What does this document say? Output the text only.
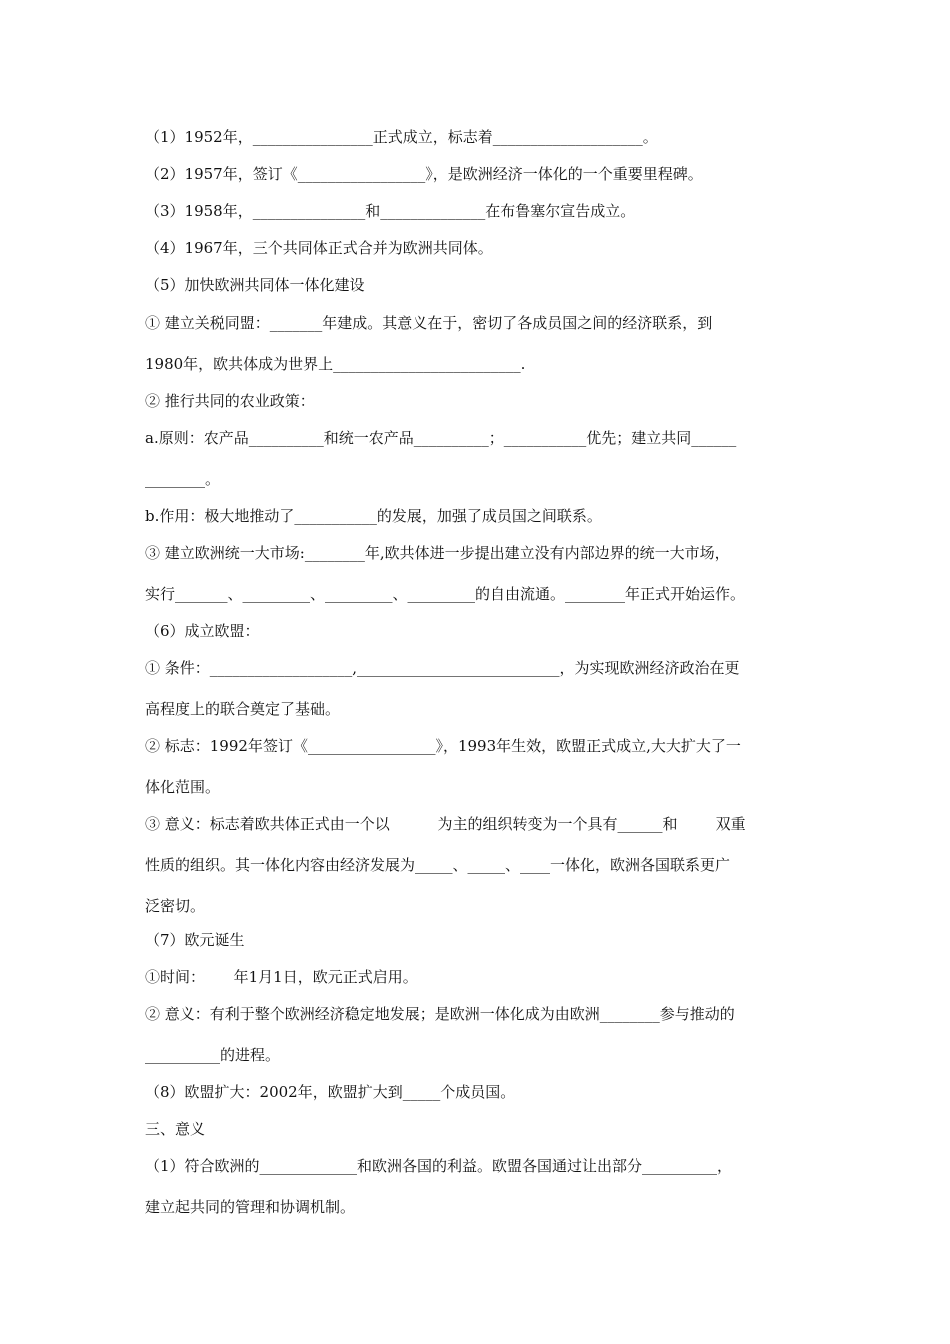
（1）1952年，________________正式成立，标志着____________________。
（2）1957年，签订《_________________》，是欧洲经济一体化的一个重要里程碑。
（3）1958年，_______________和______________在布鲁塞尔宣告成立。
（4）1967年，三个共同体正式合并为欧洲共同体。
（5）加快欧洲共同体一体化建设
① 建立关税同盟：_______年建成。其意义在于，密切了各成员国之间的经济联系，到
1980年，欧共体成为世界上_________________________.
② 推行共同的农业政策：
a.原则：农产品__________和统一农产品__________；___________优先；建立共同______
________。
b.作用：极大地推动了___________的发展，加强了成员国之间联系。
③ 建立欧洲统一大市场:________年,欧共体进一步提出建立没有内部边界的统一大市场，
实行_______、_________、_________、_________的自由流通。________年正式开始运作。
（6）成立欧盟：
① 条件：___________________,___________________________，为实现欧洲经济政治在更
高程度上的联合奠定了基础。
② 标志：1992年签订《_________________》，1993年生效，欧盟正式成立,大大扩大了一
体化范围。
③ 意义：标志着欧共体正式由一个以          为主的组织转变为一个具有______和        双重
性质的组织。其一体化内容由经济发展为_____、_____、____一体化，欧洲各国联系更广
泛密切。
（7）欧元诞生
①时间：      年1月1日，欧元正式启用。
② 意义：有利于整个欧洲经济稳定地发展；是欧洲一体化成为由欧洲________参与推动的
__________的进程。
（8）欧盟扩大：2002年，欧盟扩大到_____个成员国。
三、意义
（1）符合欧洲的_____________和欧洲各国的利益。欧盟各国通过让出部分__________，
建立起共同的管理和协调机制。
